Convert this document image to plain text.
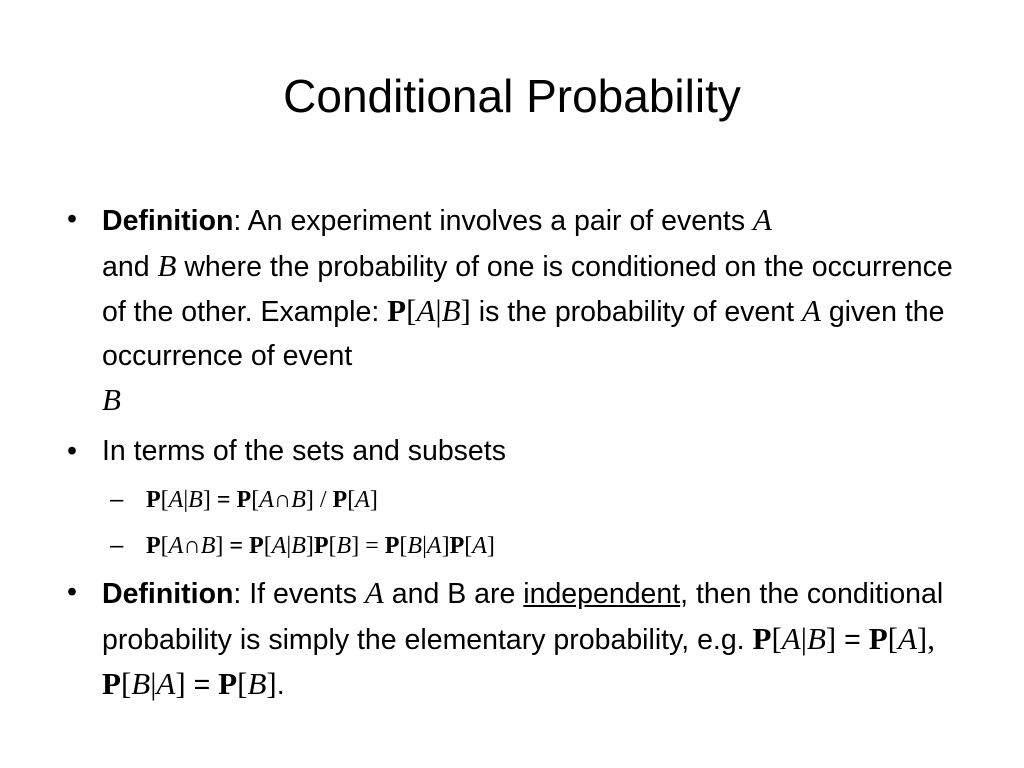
Conditional Probability
• Definition: An experiment involves a pair of events A
and B where the probability of one is conditioned on the occurrence of the other. Example: P[A|B] is the probability of event A given the occurrence of event
B
• In terms of the sets and subsets
– P[A|B] = P[A∩B] / P[A]
– P[A∩B] = P[A|B]P[B] = P[B|A]P[A]
• Definition: If events A and B are independent, then the conditional probability is simply the elementary probability, e.g. P[A|B] = P[A], P[B|A] = P[B].
